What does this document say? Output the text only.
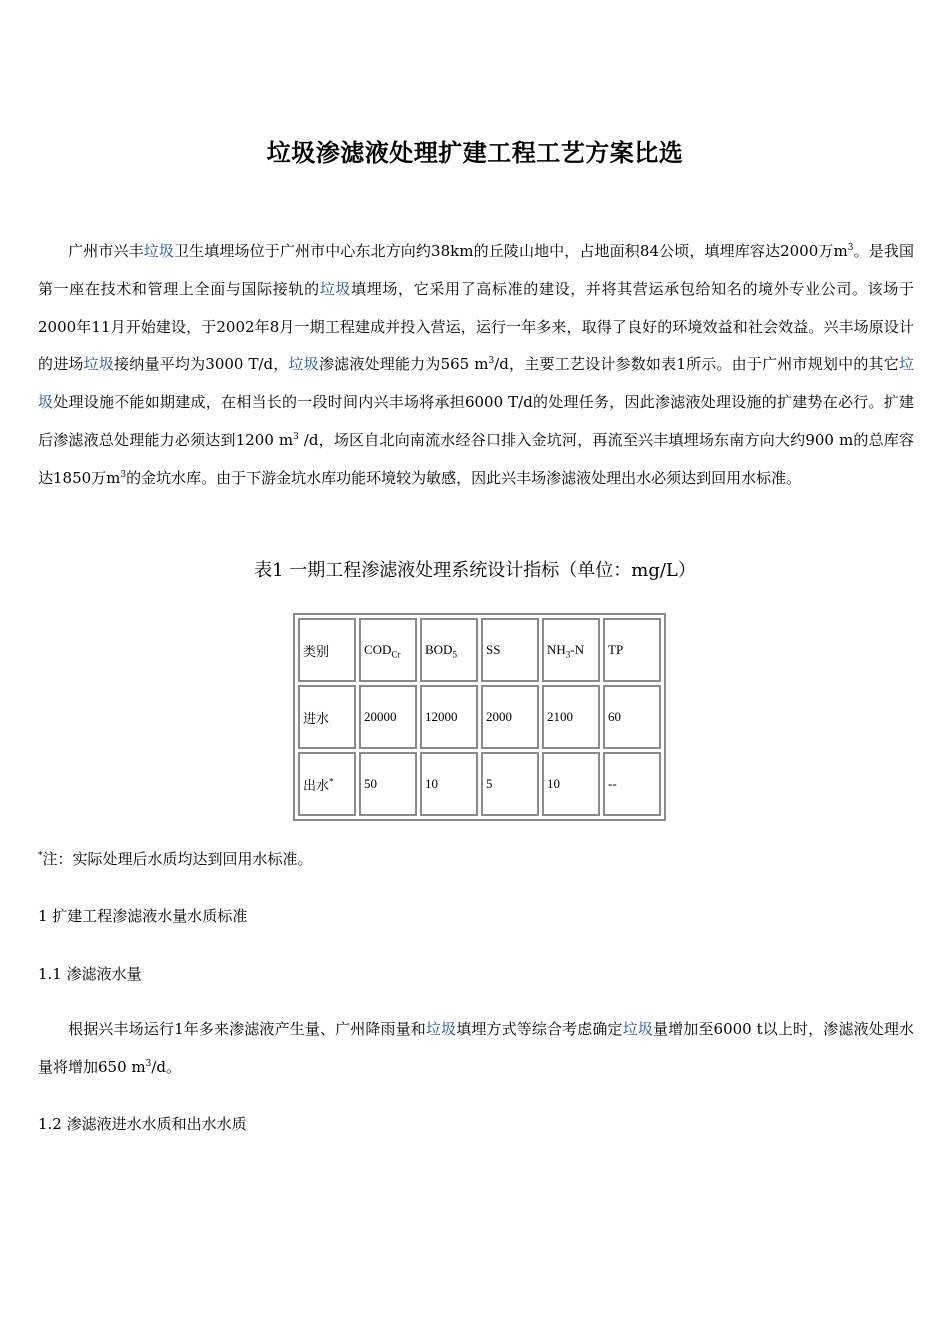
垃圾渗滤液处理扩建工程工艺方案比选
广州市兴丰垃圾卫生填埋场位于广州市中心东北方向约38km的丘陵山地中，占地面积84公顷，填埋库容达2000万$m^3$。是我国第一座在技术和管理上全面与国际接轨的垃圾填埋场，它采用了高标准的建设，并将其营运承包给知名的境外专业公司。该场于2000年11月开始建设，于2002年8月一期工程建成并投入营运，运行一年多来，取得了良好的环境效益和社会效益。兴丰场原设计的进场垃圾接纳量平均为3000 T/d，垃圾渗滤液处理能力为565 $m^3/d$，主要工艺设计参数如表1所示。由于广州市规划中的其它垃圾处理设施不能如期建成，在相当长的一段时间内兴丰场将承担6000 T/d的处理任务，因此渗滤液处理设施的扩建势在必行。扩建后渗滤液总处理能力必须达到1200 $m^3$ /d，场区自北向南流水经谷口排入金坑河，再流至兴丰填埋场东南方向大约900 m的总库容达1850万$m^3$的金坑水库。由于下游金坑水库功能环境较为敏感，因此兴丰场渗滤液处理出水必须达到回用水标准。
表1 一期工程渗滤液处理系统设计指标（单位：mg/L）
类别	$COD_{Cr}$	$BOD_5$	SS	$NH_3-N$	TP
进水	20000	12000	2000	2100	60
出水*	50	10	5	10	--
*注：实际处理后水质均达到回用水标准。
1 扩建工程渗滤液水量水质标准
1.1 渗滤液水量
根据兴丰场运行1年多来渗滤液产生量、广州降雨量和垃圾填埋方式等综合考虑确定垃圾量增加至6000 t以上时，渗滤液处理水量将增加650 $m^3/d$。
1.2 渗滤液进水水质和出水水质
